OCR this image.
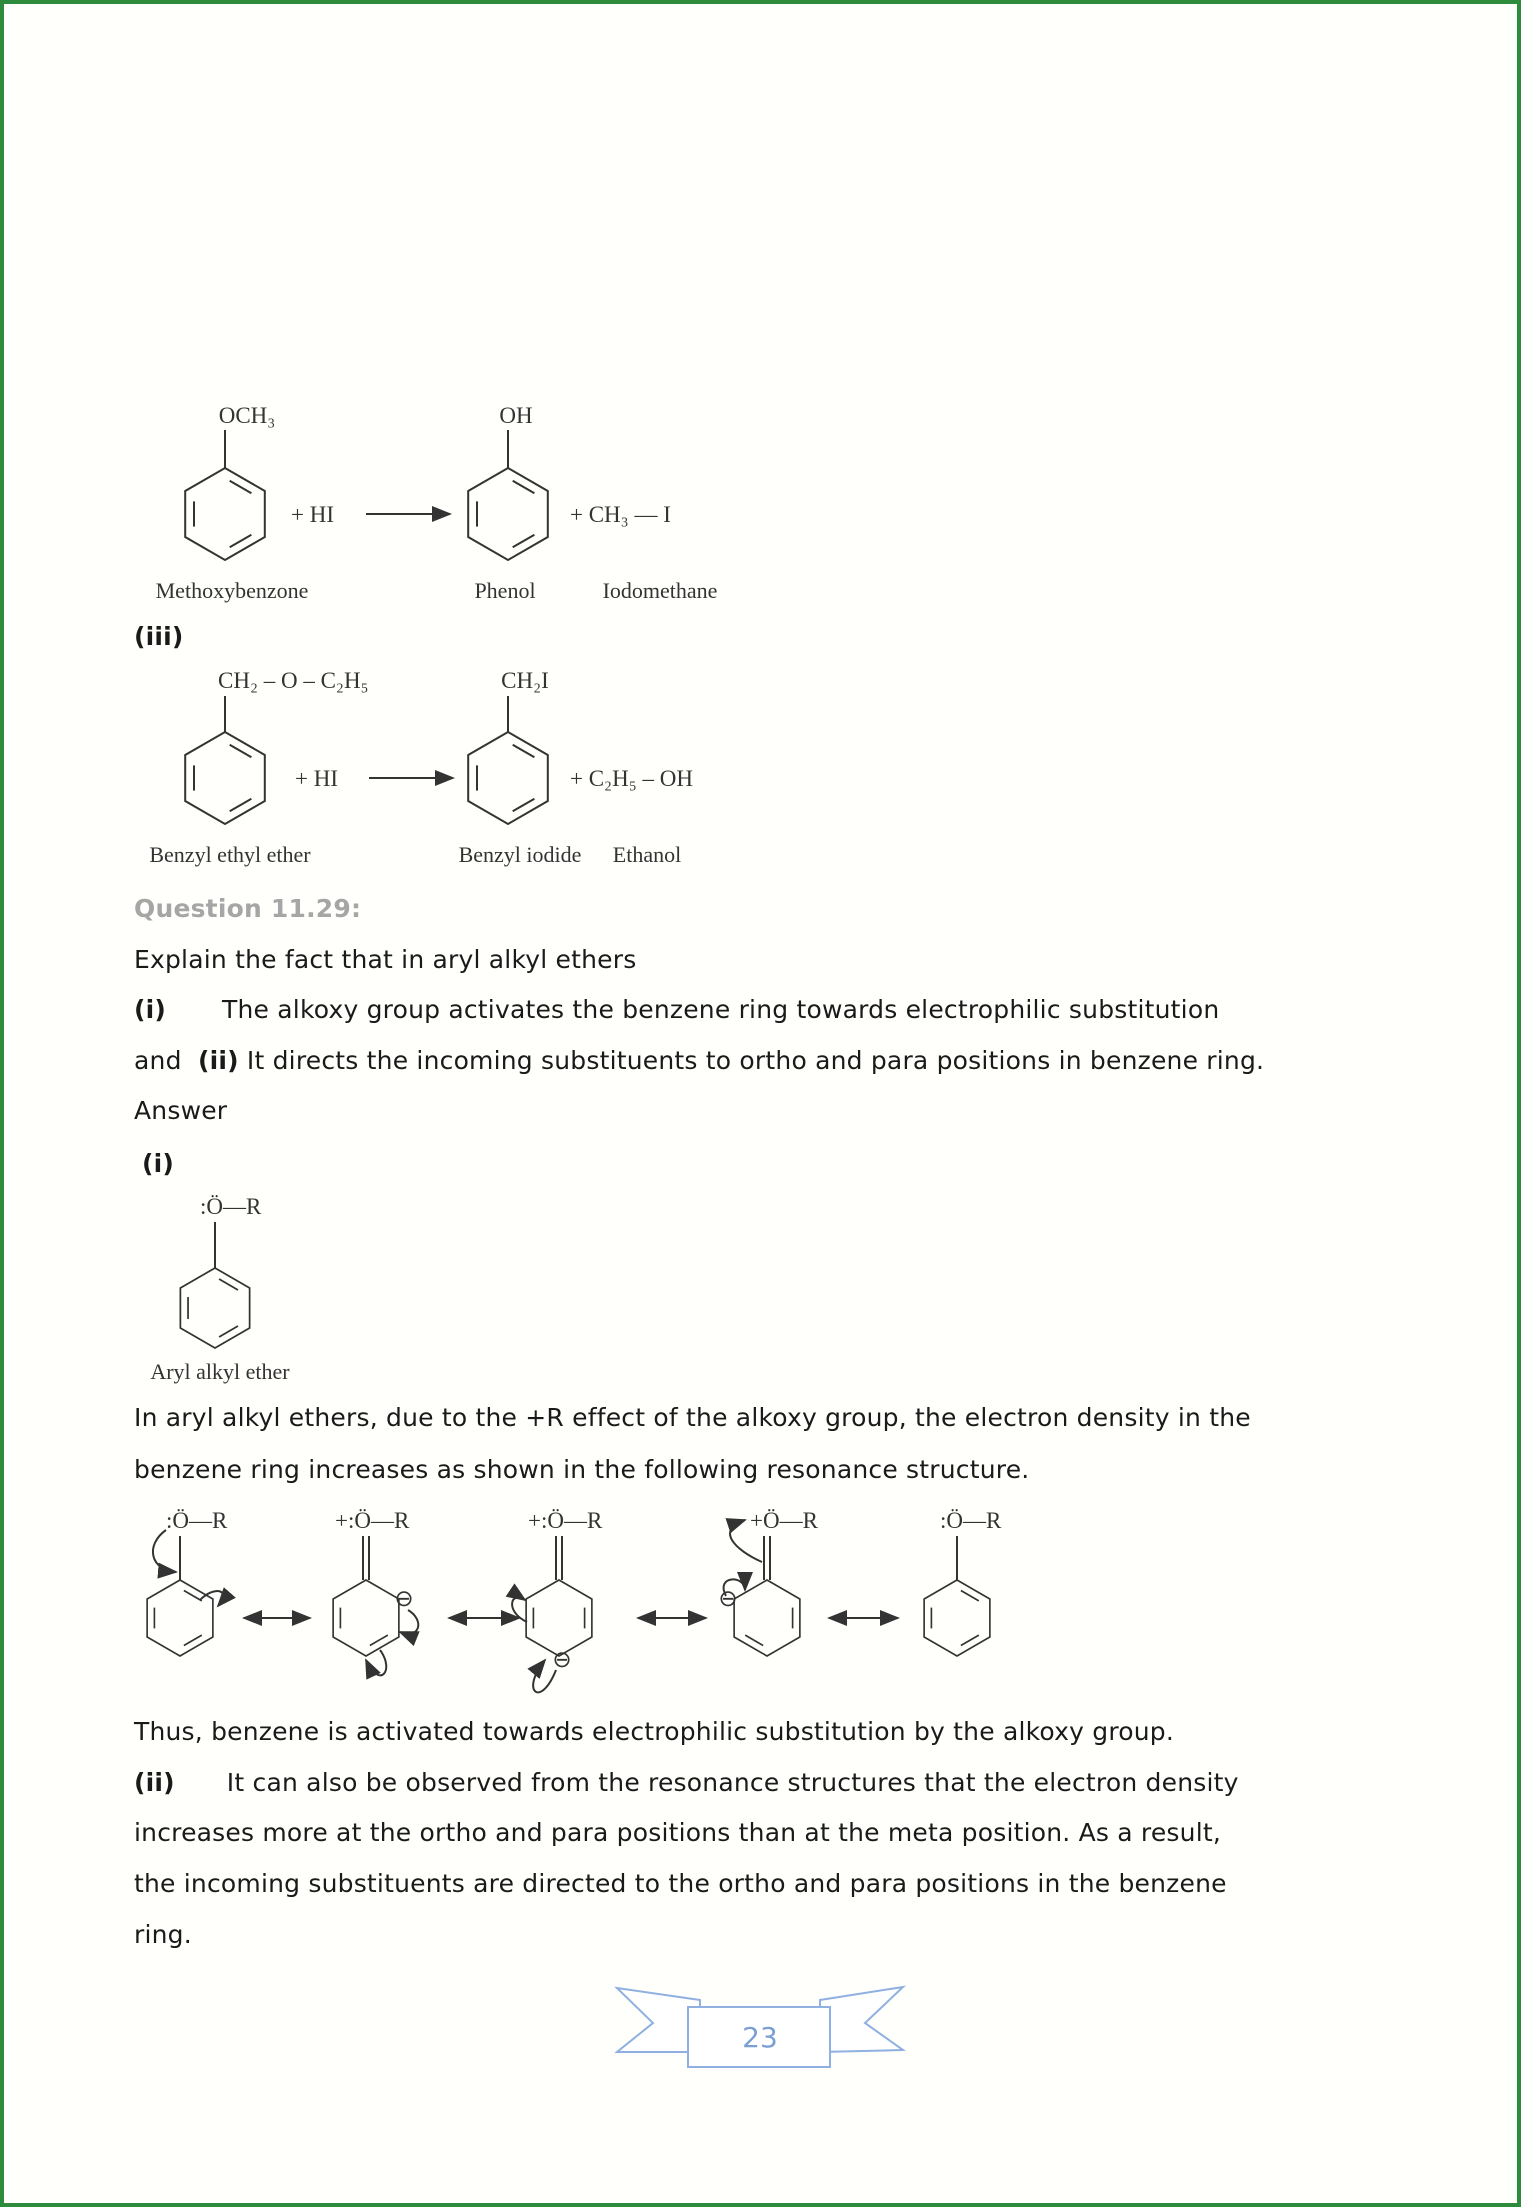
OCH₃
+ HI
OH
+ CH₃ — I
Methoxybenzone	Phenol	Iodomethane
CH₂ – O – C₂H₅
+ HI
CH₂I
+ C₂H₅ – OH
Benzyl ethyl ether	Benzyl iodide Ethanol
:Ö—R
Aryl alkyl ether
:Ö—R	+:Ö—R
⊖
+:Ö—R
⊖
+Ö—R
⊖
:Ö—R
23
(iii)
Question 11.29:
Explain the fact that in aryl alkyl ethers
(i) The alkoxy group activates the benzene ring towards electrophilic substitution
and (ii) It directs the incoming substituents to ortho and para positions in benzene ring.
Answer
(i)
In aryl alkyl ethers, due to the +R effect of the alkoxy group, the electron density in the
benzene ring increases as shown in the following resonance structure.
Thus, benzene is activated towards electrophilic substitution by the alkoxy group.
(ii) It can also be observed from the resonance structures that the electron density
increases more at the ortho and para positions than at the meta position. As a result,
the incoming substituents are directed to the ortho and para positions in the benzene
ring.
